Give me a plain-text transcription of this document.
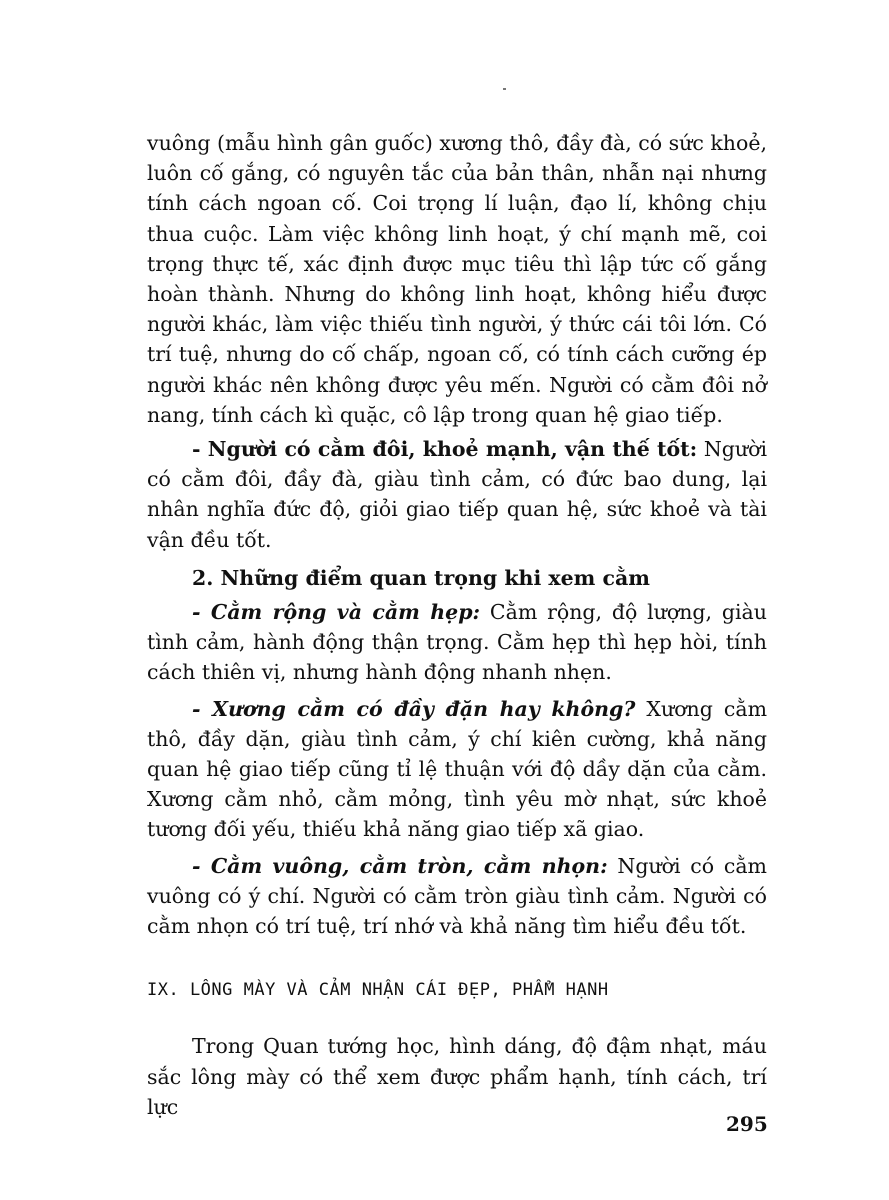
vuông (mẫu hình gân guốc) xương thô, đầy đà, có sức khoẻ, luôn cố gắng, có nguyên tắc của bản thân, nhẫn nại nhưng tính cách ngoan cố. Coi trọng lí luận, đạo lí, không chịu thua cuộc. Làm việc không linh hoạt, ý chí mạnh mẽ, coi trọng thực tế, xác định được mục tiêu thì lập tức cố gắng hoàn thành. Nhưng do không linh hoạt, không hiểu được người khác, làm việc thiếu tình người, ý thức cái tôi lớn. Có trí tuệ, nhưng do cố chấp, ngoan cố, có tính cách cưỡng ép người khác nên không được yêu mến. Người có cằm đôi nở nang, tính cách kì quặc, cô lập trong quan hệ giao tiếp.

- Người có cằm đôi, khoẻ mạnh, vận thế tốt: Người có cằm đôi, đầy đà, giàu tình cảm, có đức bao dung, lại nhân nghĩa đức độ, giỏi giao tiếp quan hệ, sức khoẻ và tài vận đều tốt.

2. Những điểm quan trọng khi xem cằm

- Cằm rộng và cằm hẹp: Cằm rộng, độ lượng, giàu tình cảm, hành động thận trọng. Cằm hẹp thì hẹp hòi, tính cách thiên vị, nhưng hành động nhanh nhẹn.

- Xương cằm có đầy đặn hay không? Xương cằm thô, đầy dặn, giàu tình cảm, ý chí kiên cường, khả năng quan hệ giao tiếp cũng tỉ lệ thuận với độ dầy dặn của cằm. Xương cằm nhỏ, cằm mỏng, tình yêu mờ nhạt, sức khoẻ tương đối yếu, thiếu khả năng giao tiếp xã giao.

- Cằm vuông, cằm tròn, cằm nhọn: Người có cằm vuông có ý chí. Người có cằm tròn giàu tình cảm. Người có cằm nhọn có trí tuệ, trí nhớ và khả năng tìm hiểu đều tốt.

IX. LÔNG MÀY VÀ CẢM NHẬN CÁI ĐẸP, PHẨM HẠNH

Trong Quan tướng học, hình dáng, độ đậm nhạt, máu sắc lông mày có thể xem được phẩm hạnh, tính cách, trí lực

295
